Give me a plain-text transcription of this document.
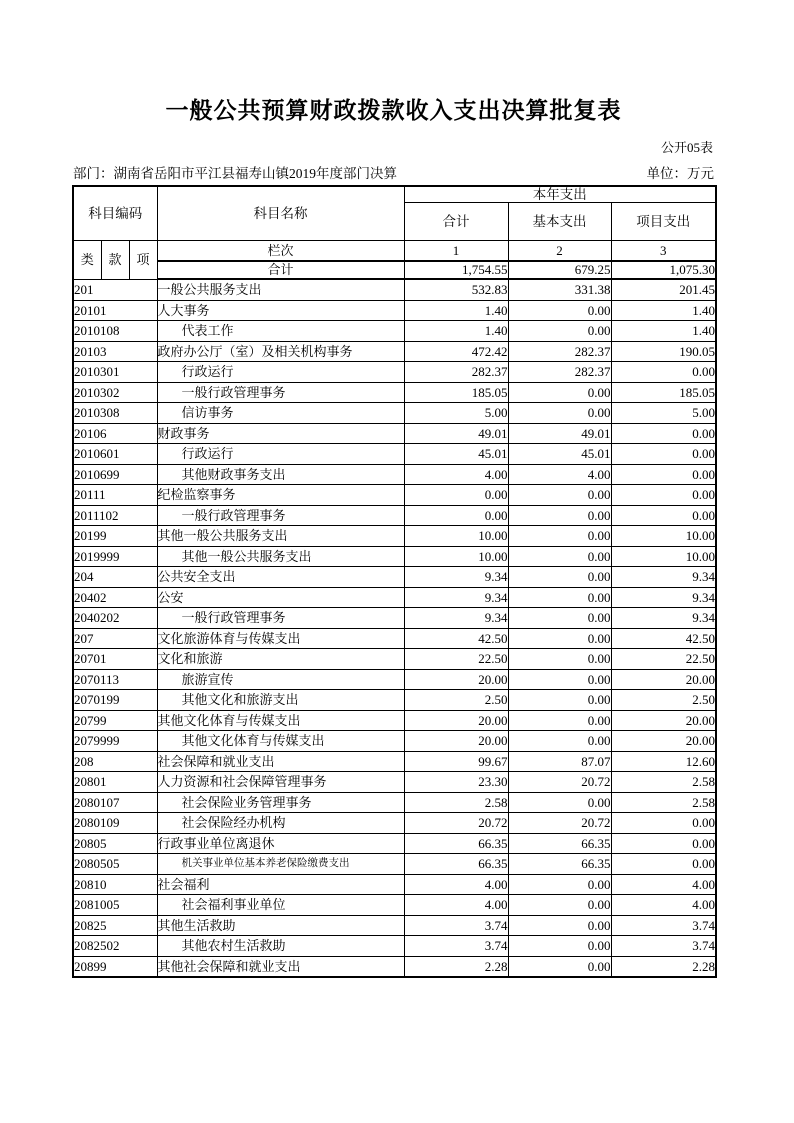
一般公共预算财政拨款收入支出决算批复表
公开05表
部门：湖南省岳阳市平江县福寿山镇2019年度部门决算	单位：万元
科目编码			科目名称	本年支出		
				合计	基本支出	项目支出
类	款	项	栏次	1	2	3
			合计	1,754.55	679.25	1,075.30
201			一般公共服务支出	532.83	331.38	201.45
20101			人大事务	1.40	0.00	1.40
2010108			代表工作	1.40	0.00	1.40
20103			政府办公厅（室）及相关机构事务	472.42	282.37	190.05
2010301			行政运行	282.37	282.37	0.00
2010302			一般行政管理事务	185.05	0.00	185.05
2010308			信访事务	5.00	0.00	5.00
20106			财政事务	49.01	49.01	0.00
2010601			行政运行	45.01	45.01	0.00
2010699			其他财政事务支出	4.00	4.00	0.00
20111			纪检监察事务	0.00	0.00	0.00
2011102			一般行政管理事务	0.00	0.00	0.00
20199			其他一般公共服务支出	10.00	0.00	10.00
2019999			其他一般公共服务支出	10.00	0.00	10.00
204			公共安全支出	9.34	0.00	9.34
20402			公安	9.34	0.00	9.34
2040202			一般行政管理事务	9.34	0.00	9.34
207			文化旅游体育与传媒支出	42.50	0.00	42.50
20701			文化和旅游	22.50	0.00	22.50
2070113			旅游宣传	20.00	0.00	20.00
2070199			其他文化和旅游支出	2.50	0.00	2.50
20799			其他文化体育与传媒支出	20.00	0.00	20.00
2079999			其他文化体育与传媒支出	20.00	0.00	20.00
208			社会保障和就业支出	99.67	87.07	12.60
20801			人力资源和社会保障管理事务	23.30	20.72	2.58
2080107			社会保险业务管理事务	2.58	0.00	2.58
2080109			社会保险经办机构	20.72	20.72	0.00
20805			行政事业单位离退休	66.35	66.35	0.00
2080505			机关事业单位基本养老保险缴费支出	66.35	66.35	0.00
20810			社会福利	4.00	0.00	4.00
2081005			社会福利事业单位	4.00	0.00	4.00
20825			其他生活救助	3.74	0.00	3.74
2082502			其他农村生活救助	3.74	0.00	3.74
20899			其他社会保障和就业支出	2.28	0.00	2.28
